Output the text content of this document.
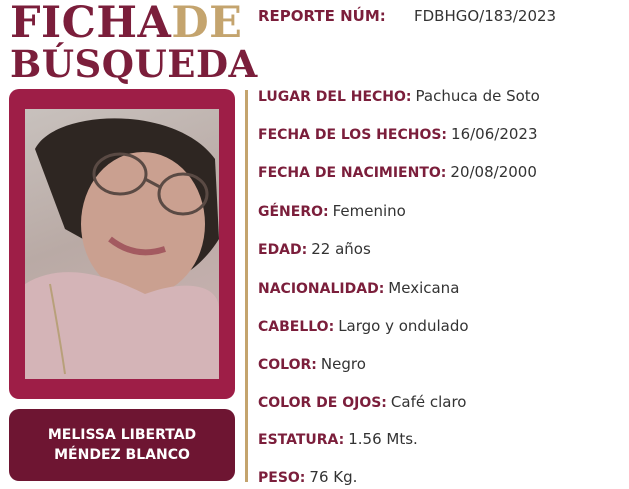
FICHADE
BÚSQUEDA
REPORTE NÚM: FDBHGO/183/2023
MELISSA LIBERTAD
MÉNDEZ BLANCO
LUGAR DEL HECHO: Pachuca de Soto
FECHA DE LOS HECHOS: 16/06/2023
FECHA DE NACIMIENTO: 20/08/2000
GÉNERO: Femenino
EDAD: 22 años
NACIONALIDAD: Mexicana
CABELLO: Largo y ondulado
COLOR: Negro
COLOR DE OJOS: Café claro
ESTATURA: 1.56 Mts.
PESO: 76 Kg.
